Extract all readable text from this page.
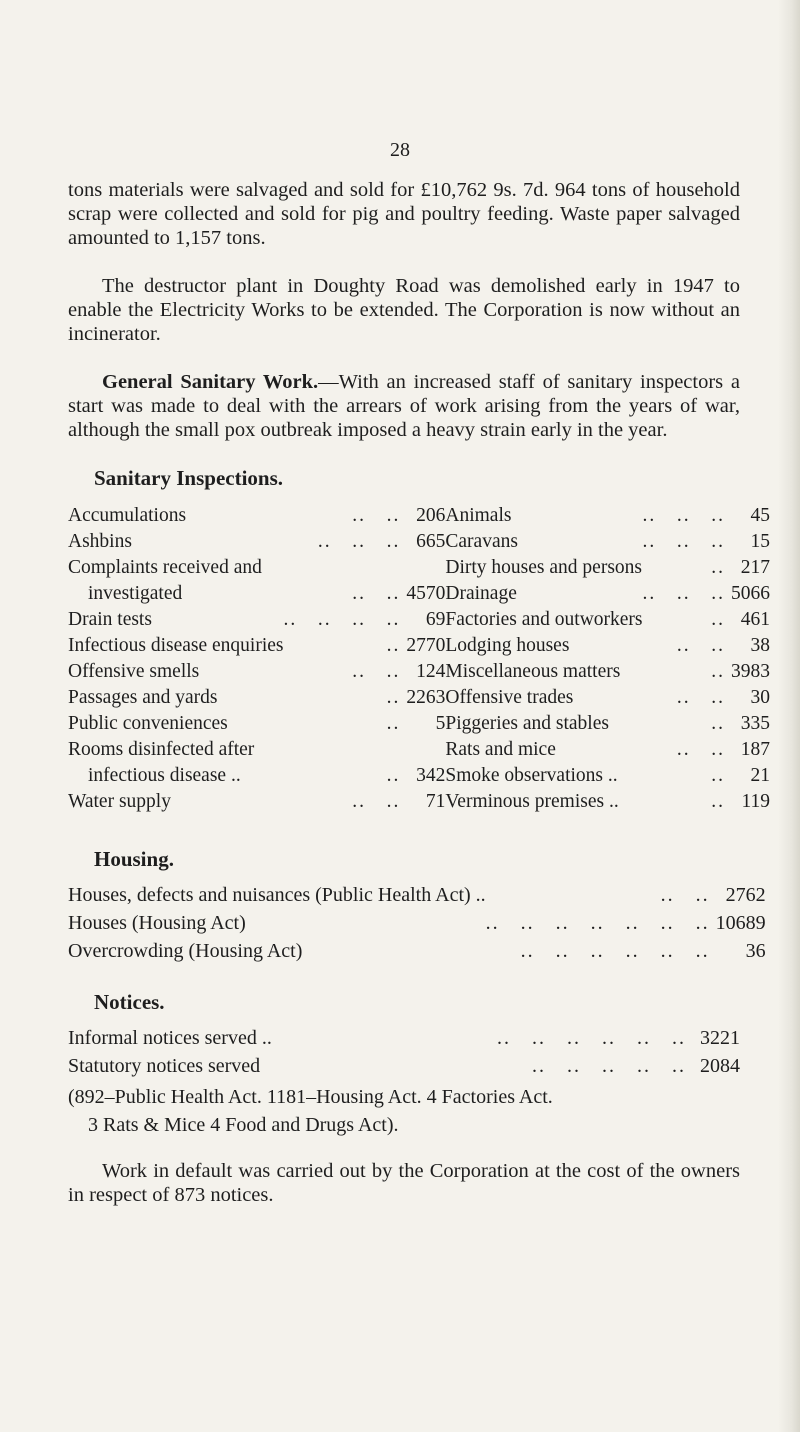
28

tons materials were salvaged and sold for £10,762 9s. 7d. 964 tons of household scrap were collected and sold for pig and poultry feeding. Waste paper salvaged amounted to 1,157 tons.

The destructor plant in Doughty Road was demolished early in 1947 to enable the Electricity Works to be extended. The Corporation is now without an incinerator.

General Sanitary Work.—With an increased staff of sanitary inspectors a start was made to deal with the arrears of work arising from the years of war, although the small pox outbreak imposed a heavy strain early in the year.

Sanitary Inspections.

Accumulations	..   ..	206
Ashbins	..   ..   ..	665
Complaints received and		
investigated	..   ..	4570
Drain tests	..   ..   ..   ..	69
Infectious disease enquiries	..	2770
Offensive smells	..   ..	124
Passages and yards	..	2263
Public conveniences	..	5
Rooms disinfected after		
infectious disease ..	..	342
Water supply	..   ..	71
Animals	..   ..   ..	45
Caravans	..   ..   ..	15
Dirty houses and persons	..	217
Drainage	..   ..   ..	5066
Factories and outworkers	..	461
Lodging houses	..   ..	38
Miscellaneous matters	..	3983
Offensive trades	..   ..	30
Piggeries and stables	..	335
Rats and mice	..   ..	187
Smoke observations ..	..	21
Verminous premises ..	..	119

Housing.

Houses, defects and nuisances (Public Health Act) ..	..   ..	2762
Houses (Housing Act)	..   ..   ..   ..   ..   ..   ..	10689
Overcrowding (Housing Act)	..   ..   ..   ..   ..   ..	36

Notices.

Informal notices served ..	..   ..   ..   ..   ..   ..	3221
Statutory notices served	..   ..   ..   ..   ..	2084

(892–Public Health Act. 1181–Housing Act. 4 Factories Act.

3 Rats & Mice 4 Food and Drugs Act).

Work in default was carried out by the Corporation at the cost of the owners in respect of 873 notices.
